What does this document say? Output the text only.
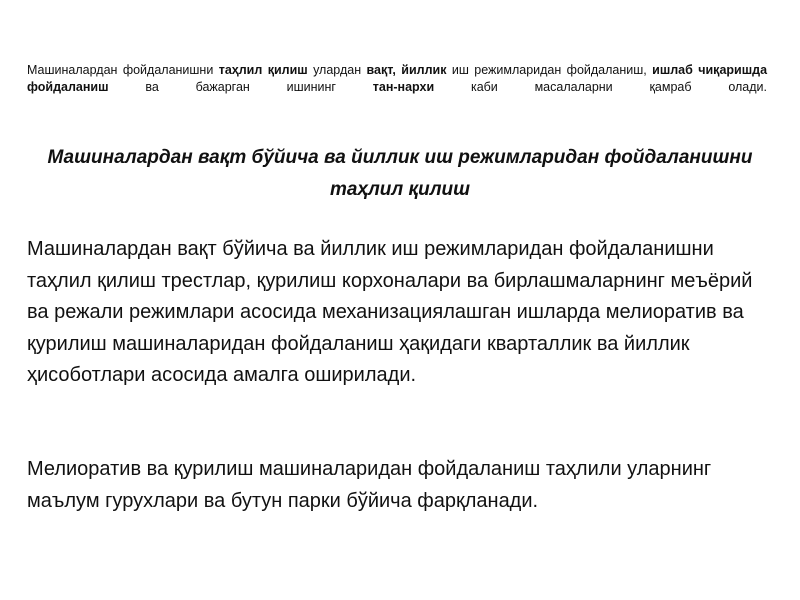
Машиналардан фойдаланишни таҳлил қилиш улардан вақт, йиллик иш режимларидан фойдаланиш, ишлаб чиқаришда фойдаланиш ва бажарган ишининг тан-нархи каби масалаларни қамраб олади.

Машиналардан вақт бўйича ва йиллик иш режимларидан фойдаланишни таҳлил қилиш

Машиналардан вақт бўйича ва йиллик иш режимларидан фойдаланишни таҳлил қилиш трестлар, қурилиш корхоналари ва бирлашмаларнинг меъёрий ва режали режимлари асосида механизациялашган ишларда мелиоратив ва қурилиш машиналаридан фойдаланиш ҳақидаги кварталлик ва йиллик ҳисоботлари асосида амалга оширилади.

Мелиоратив ва қурилиш машиналаридан фойдаланиш таҳлили уларнинг маълум гурухлари ва бутун парки бўйича фарқланади.
